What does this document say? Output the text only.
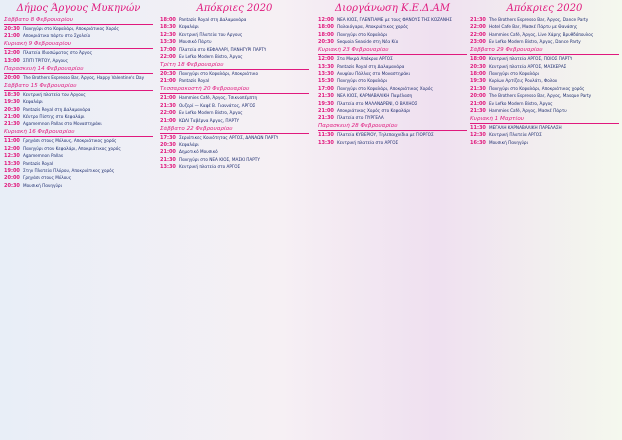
Δήμος Άργους Μυκηνών
Σάββατο 8 Φεβρουαρίου
20:30 Πανηγύρι στο Κεφαλάρι, Αποκριάτικος Χορός
21:00 Αποκριάτικο πάρτυ στο Σχολείο
Κυριακή 9 Φεβρουαρίου
12:00 Πλατεία Ιδιοσώματος στο Άργος
13:00 ΣΠΙΤΙ ΤΡΙΤΟΥ, Αργους
Παρασκευή 14 Φεβρουαρίου
20:00 The Brothers Espresso Bar, Άργος, Happy Valentine's Day
Σάββατο 15 Φεβρουαρίου
18:30 Κεντρική πλατεία του Αργους
19:30 Κεφαλάρι
20:30 Pantazis Reyal στη Δαλαμανάρα
21:00 Κέντρο Πίστης στο Κεφαλάρι
21:30 Agamemnon Pallas στο Μοναστηράκι
Κυριακή 16 Φεβρουαρίου
11:00 Γρηγάσι στους Μύλους, Αποκριάτικος χορός
12:00 Πανηγύρι στον Κεφαλάρι, Αποκριάτικος χορός
12:30 Agamemnon Pallas
13:30 Pantazis Royal
19:00 Στην Πλατεία Πλύρου, Αποκριάτικος χορός
20:00 Γρηγάσι στους Μύλους
20:30 Μουσική Πανηγύρι
Απόκριες 2020
18:00 Pantazis Royal στη Δαλαμανάρα
18:30 Κεφαλάρι
12:30 Κεντρική Πλατεία του Αργους
13:30 Μουσικό Πάρτυ
17:00 Πλατεία στο ΚΕΦΑΛΑΡΙ, ΠΑΝΗΓΥΡΙ ΠΑΡΤΥ
22:00 Εν Lefko Modern Bistro, Άργος
Τρίτη 18 Φεβρουαρίου
20:30 Πανηγύρι στο Κεφαλάρι, Αποκριάτικο
21:00 Pantazis Royal
Τεσσαρακοστή 20 Φεβρουαρίου
21:00 Hammies Café, Άργος, Τσικνοπέμπτη
21:30 Ουζερί — Καφέ Β. Γιαννάτος, ΑΡΓΟΣ
22:00 Εν Lefko Modern Bistro, Άργος
21:00 ΚΩΛΙ Ταβέρνα Άργος, ΠΑΡΤΥ
Σάββατο 22 Φεβρουαρίου
17:30 Σεριάτικες Κοινότητας ΑΡΓΟΣ, ΔΑΝΑΩΝ ΠΑΡΤΥ
20:30 Κεφαλάρι
21:00 Δημοτικό Μουσικό
21:30 Πανηγύρι στο ΝΕΑ ΚΙΟΣ, ΜΑΣΚΙ ΠΑΡΤΥ
13:30 Κεντρική πλατεία στο ΑΡΓΟΣ
Διοργάνωση Κ.Ε.Δ.ΑΜ
12:00 ΝΕΑ ΚΙΟΣ, ΓΛΕΝΤΙΑΜΕ με τους ΦΑΝΟΥΣ ΤΗΣ ΚΟΖΑΝΗΣ
18:00 Παλαιόγαρα, Αποκριάτικος χορός
18:00 Πανηγύρι στο Κεφαλάρι
20:30 Sequoia Seaside στη Νέα Κίο
Κυριακή 23 Φεβρουαρίου
12:00 Στα Μικρά Απόκρια ΑΡΓΟΣ
13:30 Pantazis Royal στη Δαλαμανάρα
13:30 Ανυψίου Πάλλας στο Μοναστηράκι
15:30 Πανηγύρι στο Κεφαλάρι
17:00 Πανηγύρι στο Κεφαλάρι, Αποκριάτικος Χορός
21:30 ΝΕΑ ΚΙΟΣ, ΚΑΡΝΑΒΑΛΙΚΗ Παρέλαση
19:30 Πλατεία στο ΜΑΛΑΝΔΡΕΝΙ, Ο ΒΑΧΗΟΣ
21:00 Αποκριάτικος Χορός στο Κεφαλάρι
21:30 Πλατεία στο ΠΥΡΓΕΛΑ
Παρασκευή 28 Φεβρουαρίου
11:30 Πλατεία ΚΥΒΕΡΙΟΥ, Τηλεπαιχνίδια με ΓΙΟΡΓΟΣ
13:30 Κεντρική πλατεία στο ΑΡΓΟΣ
Απόκριες 2020
21:30 The Brothers Espresso Bar, Άργος, Dance Party
22:00 Hotel Cafe Bar, Μασκέ Πάρτυ με Θανάσης
22:00 Hammies Café, Άργος, Live Χάρης Βρυθδόπουλος
23:00 Εν Lefko Modern Bistro, Άργος, Dance Party
Σάββατο 29 Φεβρουαρίου
18:00 Κεντρική πλατεία ΑΡΓΟΣ, ΠΟΙΟΣ ΠΑΡΤΥ
20:30 Κεντρική πλατεία ΑΡΓΟΣ, ΜΑΣΚΕΡΑΣ
18:00 Πανηγύρι στο Κεφαλάρι
19:30 Κυρίων Αρτίζεις Ρουλάτι, Φολου
21:30 Πανηγύρι στο Κεφαλάρι, Αποκριάτικος χορός
20:00 The Brothers Espresso Bar, Άργος, Masque Party
21:00 Εν Lefko Modern Bistro, Άργος
21:30 Hammies Café, Άργος, Μασκέ Πάρτυ
Κυριακή 1 Μαρτίου
11:30 ΜΕΓΑΛΗ ΚΑΡΝΑΒΑΛΙΚΗ ΠΑΡΕΛΑΣΗ
12:30 Κεντρική Πλατεία ΑΡΓΟΣ
16:30 Μουσική Πανηγύρι
